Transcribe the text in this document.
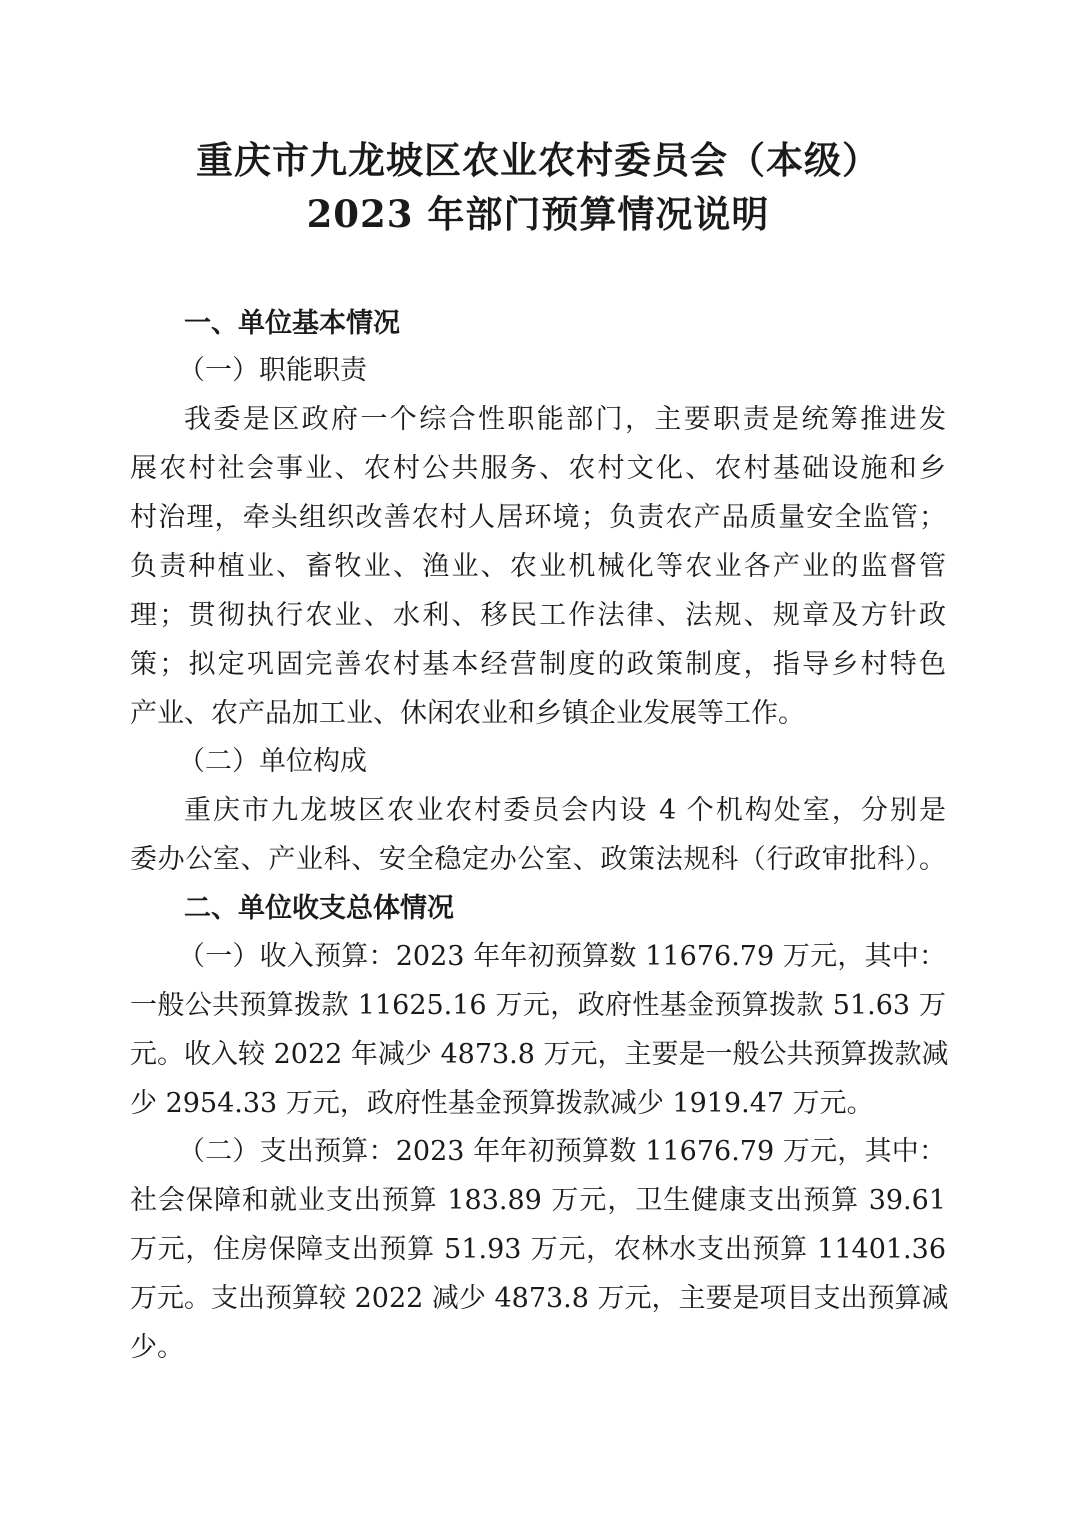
重庆市九龙坡区农业农村委员会（本级）
2023 年部门预算情况说明
一、单位基本情况
（一）职能职责
我委是区政府一个综合性职能部门，主要职责是统筹推进发
展农村社会事业、农村公共服务、农村文化、农村基础设施和乡
村治理，牵头组织改善农村人居环境；负责农产品质量安全监管；
负责种植业、畜牧业、渔业、农业机械化等农业各产业的监督管
理；贯彻执行农业、水利、移民工作法律、法规、规章及方针政
策；拟定巩固完善农村基本经营制度的政策制度，指导乡村特色
产业、农产品加工业、休闲农业和乡镇企业发展等工作。
（二）单位构成
重庆市九龙坡区农业农村委员会内设 4 个机构处室，分别是
委办公室、产业科、安全稳定办公室、政策法规科（行政审批科）。
二、单位收支总体情况
（一）收入预算：2023 年年初预算数 11676.79 万元，其中：
一般公共预算拨款 11625.16 万元，政府性基金预算拨款 51.63 万
元。收入较 2022 年减少 4873.8 万元，主要是一般公共预算拨款减
少 2954.33 万元，政府性基金预算拨款减少 1919.47 万元。
（二）支出预算：2023 年年初预算数 11676.79 万元，其中：
社会保障和就业支出预算 183.89 万元，卫生健康支出预算 39.61
万元，住房保障支出预算 51.93 万元，农林水支出预算 11401.36
万元。支出预算较 2022 减少 4873.8 万元，主要是项目支出预算减
少。
